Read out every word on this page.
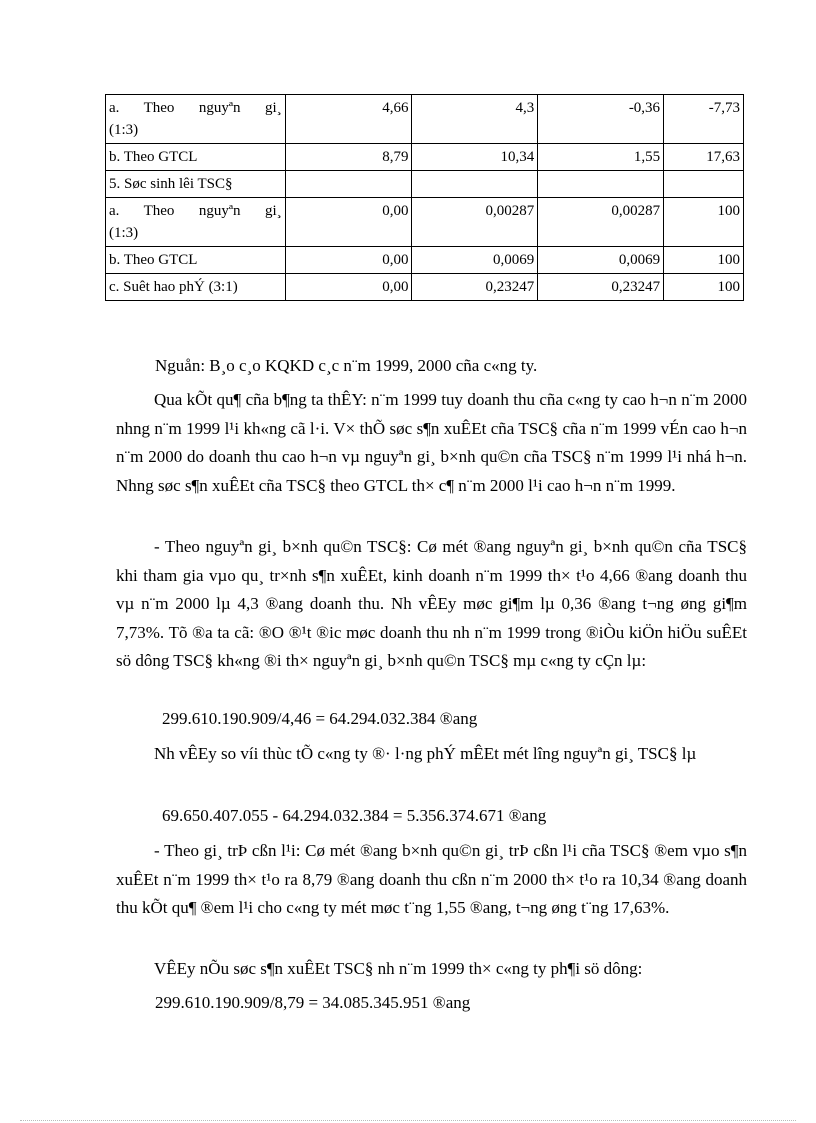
a. Theo nguyªn gi¸
(1:3)	4,66	4,3	-0,36	-7,73
b. Theo GTCL	8,79	10,34	1,55	17,63
5. Søc sinh lêi TSC§				

a. Theo nguyªn gi¸
(1:3)	0,00	0,00287	0,00287	100
b. Theo GTCL	0,00	0,0069	0,0069	100
c. Suêt hao phÝ (3:1)	0,00	0,23247	0,23247	100
Nguån: B¸o c¸o KQKD c¸c n¨m 1999, 2000 cña c«ng ty.
Qua kÕt qu¶ cña b¶ng ta thÊY: n¨m 1999 tuy doanh thu cña c«ng ty cao h¬n n¨m 2000 nhng n¨m 1999 l¹i kh«ng cã l·i. V× thÕ søc s¶n xuÊEt cña TSC§ cña n¨m 1999 vÉn cao h¬n n¨m 2000 do doanh thu cao h¬n vµ nguyªn gi¸ b×nh qu©n cña TSC§ n¨m 1999 l¹i nhá h¬n. Nhng søc s¶n xuÊEt cña TSC§ theo GTCL th× c¶ n¨m 2000 l¹i cao h¬n n¨m 1999.
- Theo nguyªn gi¸ b×nh qu©n TSC§: Cø mét ®ang nguyªn gi¸ b×nh qu©n cña TSC§ khi tham gia vµo qu¸ tr×nh s¶n xuÊEt, kinh doanh n¨m 1999 th× t¹o 4,66 ®ang doanh thu vµ n¨m 2000 lµ 4,3 ®ang doanh thu. Nh vÊEy møc gi¶m lµ 0,36 ®ang t¬ng øng gi¶m 7,73%. Tõ ®a ta cã: ®O ®¹t ®ic møc doanh thu nh n¨m 1999 trong ®iÒu kiÖn hiÖu suÊEt sö dông TSC§ kh«ng ®i th× nguyªn gi¸ b×nh qu©n TSC§ mµ c«ng ty cÇn lµ:
299.610.190.909/4,46 = 64.294.032.384 ®ang
Nh vÊEy so víi thùc tÕ c«ng ty ®· l·ng phÝ mÊEt mét lîng nguyªn gi¸ TSC§ lµ
69.650.407.055 - 64.294.032.384 = 5.356.374.671 ®ang
- Theo gi¸ trÞ cßn l¹i: Cø mét ®ang b×nh qu©n gi¸ trÞ cßn l¹i cña TSC§ ®em vµo s¶n xuÊEt n¨m 1999 th× t¹o ra 8,79 ®ang doanh thu cßn n¨m 2000 th× t¹o ra 10,34 ®ang doanh thu kÕt qu¶ ®em l¹i cho c«ng ty mét møc t¨ng 1,55 ®ang, t¬ng øng t¨ng 17,63%.
VÊEy nÕu søc s¶n xuÊEt TSC§ nh n¨m 1999 th× c«ng ty ph¶i sö dông:
299.610.190.909/8,79 = 34.085.345.951 ®ang
